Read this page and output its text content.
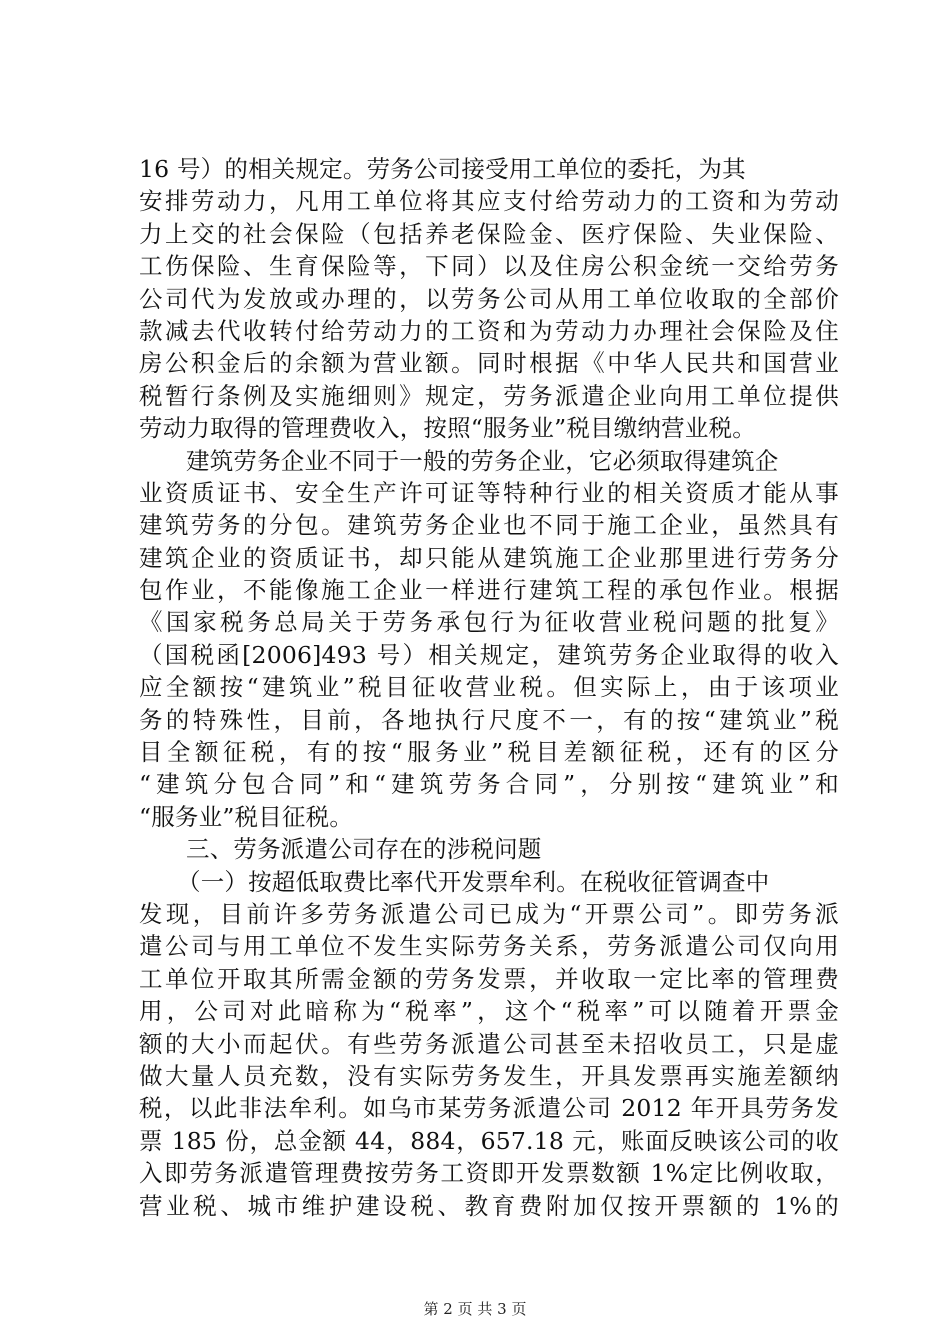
16 号）的相关规定。劳务公司接受用工单位的委托，为其
安排劳动力，凡用工单位将其应支付给劳动力的工资和为劳动
力上交的社会保险（包括养老保险金、医疗保险、失业保险、
工伤保险、生育保险等，下同）以及住房公积金统一交给劳务
公司代为发放或办理的，以劳务公司从用工单位收取的全部价
款减去代收转付给劳动力的工资和为劳动力办理社会保险及住
房公积金后的余额为营业额。同时根据《中华人民共和国营业
税暂行条例及实施细则》规定，劳务派遣企业向用工单位提供
劳动力取得的管理费收入，按照“服务业”税目缴纳营业税。
建筑劳务企业不同于一般的劳务企业，它必须取得建筑企
业资质证书、安全生产许可证等特种行业的相关资质才能从事
建筑劳务的分包。建筑劳务企业也不同于施工企业，虽然具有
建筑企业的资质证书，却只能从建筑施工企业那里进行劳务分
包作业，不能像施工企业一样进行建筑工程的承包作业。根据
《国家税务总局关于劳务承包行为征收营业税问题的批复》
（国税函[2006]493 号）相关规定，建筑劳务企业取得的收入
应全额按“建筑业”税目征收营业税。但实际上，由于该项业
务的特殊性，目前，各地执行尺度不一，有的按“建筑业”税
目全额征税，有的按“服务业”税目差额征税，还有的区分
“建筑分包合同”和“建筑劳务合同”，分别按“建筑业”和
“服务业”税目征税。
三、劳务派遣公司存在的涉税问题
（一）按超低取费比率代开发票牟利。在税收征管调查中
发现，目前许多劳务派遣公司已成为“开票公司”。即劳务派
遣公司与用工单位不发生实际劳务关系，劳务派遣公司仅向用
工单位开取其所需金额的劳务发票，并收取一定比率的管理费
用，公司对此暗称为“税率”，这个“税率”可以随着开票金
额的大小而起伏。有些劳务派遣公司甚至未招收员工，只是虚
做大量人员充数，没有实际劳务发生，开具发票再实施差额纳
税，以此非法牟利。如乌市某劳务派遣公司 2012 年开具劳务发
票 185 份，总金额 44，884，657.18 元，账面反映该公司的收
入即劳务派遣管理费按劳务工资即开发票数额 1%定比例收取，
营业税、城市维护建设税、教育费附加仅按开票额的 1%的
第 2 页 共 3 页
